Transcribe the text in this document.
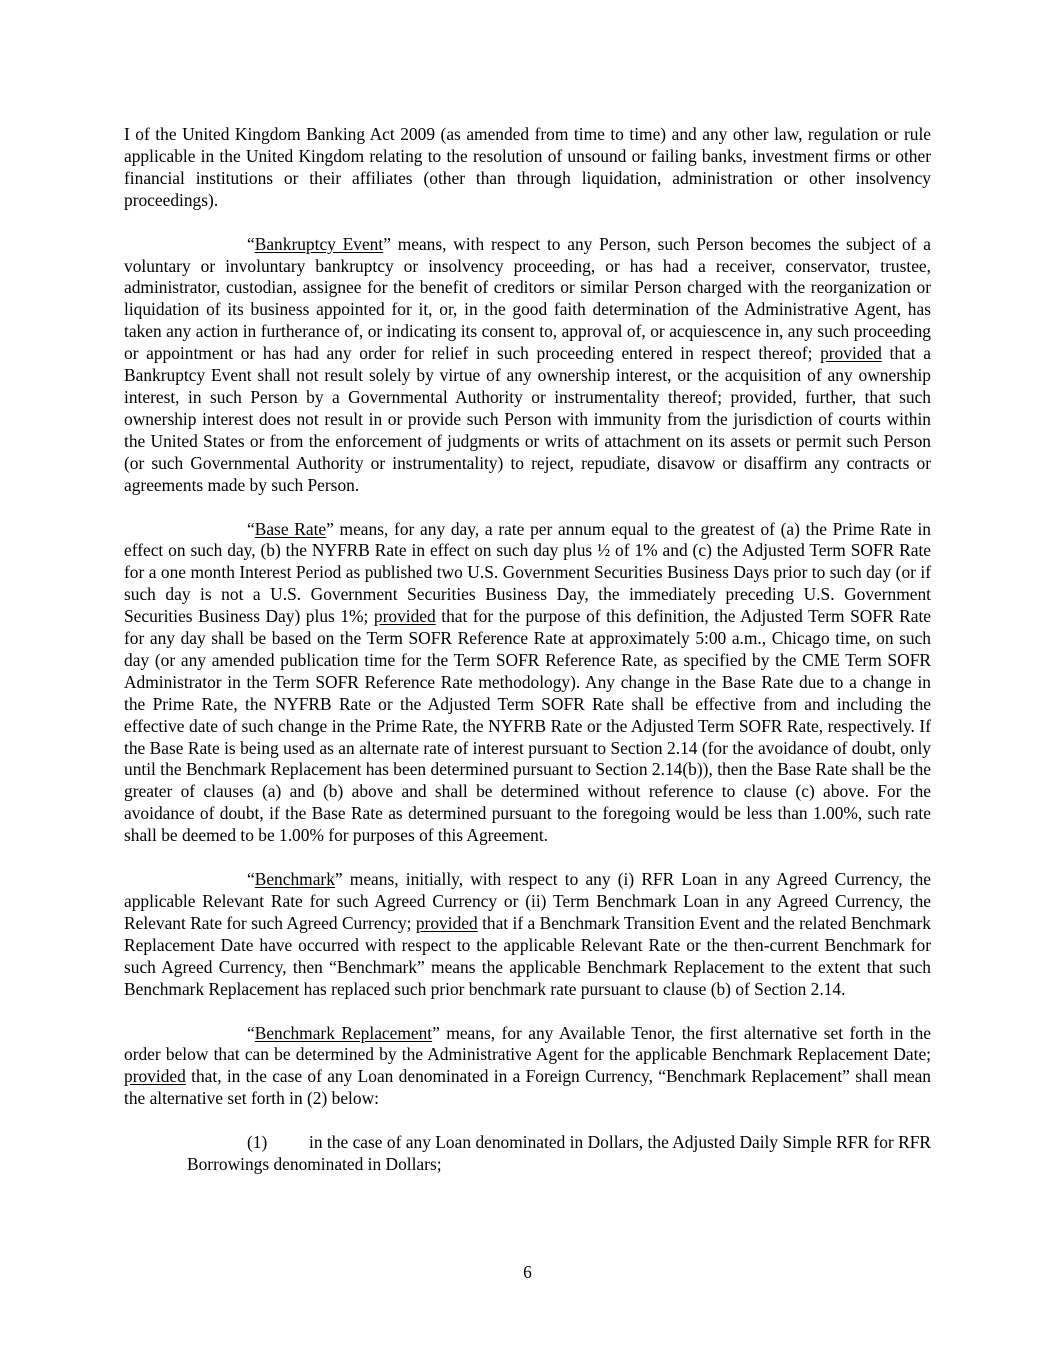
I of the United Kingdom Banking Act 2009 (as amended from time to time) and any other law, regulation or rule applicable in the United Kingdom relating to the resolution of unsound or failing banks, investment firms or other financial institutions or their affiliates (other than through liquidation, administration or other insolvency proceedings).

“Bankruptcy Event” means, with respect to any Person, such Person becomes the subject of a voluntary or involuntary bankruptcy or insolvency proceeding, or has had a receiver, conservator, trustee, administrator, custodian, assignee for the benefit of creditors or similar Person charged with the reorganization or liquidation of its business appointed for it, or, in the good faith determination of the Administrative Agent, has taken any action in furtherance of, or indicating its consent to, approval of, or acquiescence in, any such proceeding or appointment or has had any order for relief in such proceeding entered in respect thereof; provided that a Bankruptcy Event shall not result solely by virtue of any ownership interest, or the acquisition of any ownership interest, in such Person by a Governmental Authority or instrumentality thereof; provided, further, that such ownership interest does not result in or provide such Person with immunity from the jurisdiction of courts within the United States or from the enforcement of judgments or writs of attachment on its assets or permit such Person (or such Governmental Authority or instrumentality) to reject, repudiate, disavow or disaffirm any contracts or agreements made by such Person.

“Base Rate” means, for any day, a rate per annum equal to the greatest of (a) the Prime Rate in effect on such day, (b) the NYFRB Rate in effect on such day plus ½ of 1% and (c) the Adjusted Term SOFR Rate for a one month Interest Period as published two U.S. Government Securities Business Days prior to such day (or if such day is not a U.S. Government Securities Business Day, the immediately preceding U.S. Government Securities Business Day) plus 1%; provided that for the purpose of this definition, the Adjusted Term SOFR Rate for any day shall be based on the Term SOFR Reference Rate at approximately 5:00 a.m., Chicago time, on such day (or any amended publication time for the Term SOFR Reference Rate, as specified by the CME Term SOFR Administrator in the Term SOFR Reference Rate methodology). Any change in the Base Rate due to a change in the Prime Rate, the NYFRB Rate or the Adjusted Term SOFR Rate shall be effective from and including the effective date of such change in the Prime Rate, the NYFRB Rate or the Adjusted Term SOFR Rate, respectively. If the Base Rate is being used as an alternate rate of interest pursuant to Section 2.14 (for the avoidance of doubt, only until the Benchmark Replacement has been determined pursuant to Section 2.14(b)), then the Base Rate shall be the greater of clauses (a) and (b) above and shall be determined without reference to clause (c) above. For the avoidance of doubt, if the Base Rate as determined pursuant to the foregoing would be less than 1.00%, such rate shall be deemed to be 1.00% for purposes of this Agreement.

“Benchmark” means, initially, with respect to any (i) RFR Loan in any Agreed Currency, the applicable Relevant Rate for such Agreed Currency or (ii) Term Benchmark Loan in any Agreed Currency, the Relevant Rate for such Agreed Currency; provided that if a Benchmark Transition Event and the related Benchmark Replacement Date have occurred with respect to the applicable Relevant Rate or the then-current Benchmark for such Agreed Currency, then “Benchmark” means the applicable Benchmark Replacement to the extent that such Benchmark Replacement has replaced such prior benchmark rate pursuant to clause (b) of Section 2.14.

“Benchmark Replacement” means, for any Available Tenor, the first alternative set forth in the order below that can be determined by the Administrative Agent for the applicable Benchmark Replacement Date; provided that, in the case of any Loan denominated in a Foreign Currency, “Benchmark Replacement” shall mean the alternative set forth in (2) below:

(1) in the case of any Loan denominated in Dollars, the Adjusted Daily Simple RFR for RFR Borrowings denominated in Dollars;

6
